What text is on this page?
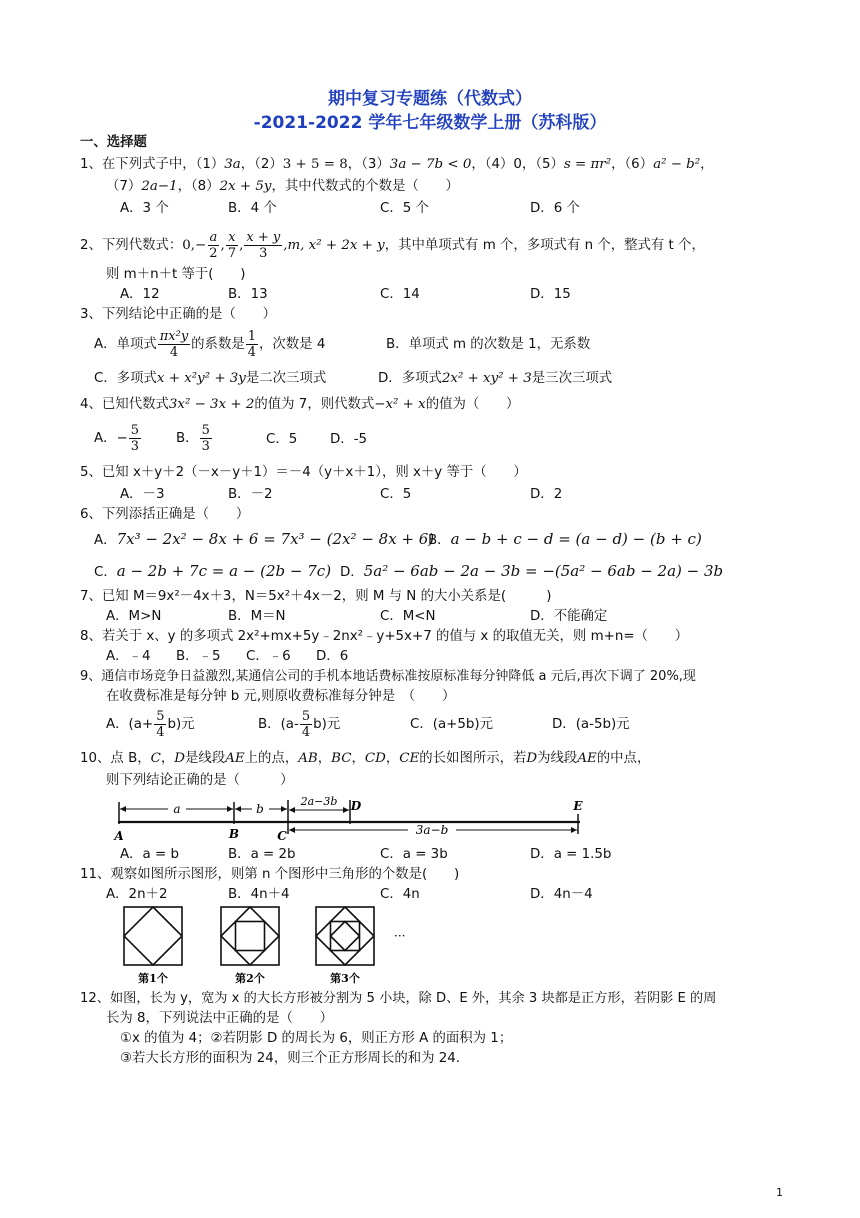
期中复习专题练（代数式）
-2021-2022 学年七年级数学上册（苏科版）
一、选择题
1、在下列式子中，（1）3a，（2）3 + 5 = 8，（3）3a − 7b < 0，（4）0，（5）s = πr²，（6）a² − b²，
（7）2a−1，（8）2x + 5y，其中代数式的个数是（　　）
A．3 个	B．4 个	C．5 个	D．6 个
2、下列代数式：$0,- \frac{a}{2}$ , $\frac{x}{7}$ , $\frac{x + y}{3} ,m$, x² + 2x + y，其中单项式有 m 个，多项式有 n 个，整式有 t 个，
则 m＋n＋t 等于(　　)
A．12	B．13	C．14	D．15
3、下列结论中正确的是（　　）
A．单项式 $\frac{\text{πx²y}}{4}$ 的系数是 $\frac{1}{4}$ ，次数是 4	B．单项式 m 的次数是 1，无系数
C．多项式x + x²y² + 3y是二次三项式	D．多项式2x² + xy² + 3是三次三项式
4、已知代数式3x² − 3x + 2的值为 7，则代数式−x² + x的值为（　　）
A．− $\frac{5}{3}$	B． $\frac{5}{3}$	C．5 D．-5
5、已知 x＋y＋2（－x－y＋1）＝－4（y＋x＋1），则 x＋y 等于（　　）
A．－3	B．－2	C．5	D．2
6、下列添括正确是（　　）
A．7x³ − 2x² − 8x + 6 = 7x³ − (2x² − 8x + 6)
B．a − b + c − d = (a − d) − (b + c)
C．a − 2b + 7c = a − (2b − 7c) D．5a² − 6ab − 2a − 3b = −(5a² − 6ab − 2a) − 3b
7、已知 M＝9x²－4x＋3，N＝5x²＋4x－2，则 M 与 N 的大小关系是(　　　)
A．M>N	B．M＝N	C．M<N	D．不能确定
8、若关于 x、y 的多项式 2x²+mx+5y﹣2nx²﹣y+5x+7 的值与 x 的取值无关，则 m+n=（　　）
A．﹣4 B．﹣5 C．﹣6 D．6
9、通信市场竞争日益激烈,某通信公司的手机本地话费标准按原标准每分钟降低 a 元后,再次下调了 20%,现
在收费标准是每分钟 b 元,则原收费标准每分钟是　（　　）
A．$(a+ \frac{5}{4} b)$元	B．$(a- \frac{5}{4} b)$元	C．(a+5b)元	D．(a-5b)元
10、点 B，C，D是线段AE上的点，AB，BC，CD，CE的长如图所示，若D为线段AE的中点，
则下列结论正确的是（　　　）
a	b
2a−3b
3a−b
A	B	C
D	E
A．a = b	B．a = 2b	C．a = 3b	D．a = 1.5b
11、观察如图所示图形，则第 n 个图形中三角形的个数是(　　)
A．2n＋2	B．4n＋4	C．4n	D．4n－4
···
第1个	第2个	第3个
12、如图，长为 y，宽为 x 的大长方形被分割为 5 小块，除 D、E 外，其余 3 块都是正方形，若阴影 E 的周
长为 8，下列说法中正确的是（　　）
①x 的值为 4；②若阴影 D 的周长为 6，则正方形 A 的面积为 1；
③若大长方形的面积为 24，则三个正方形周长的和为 24.
1
